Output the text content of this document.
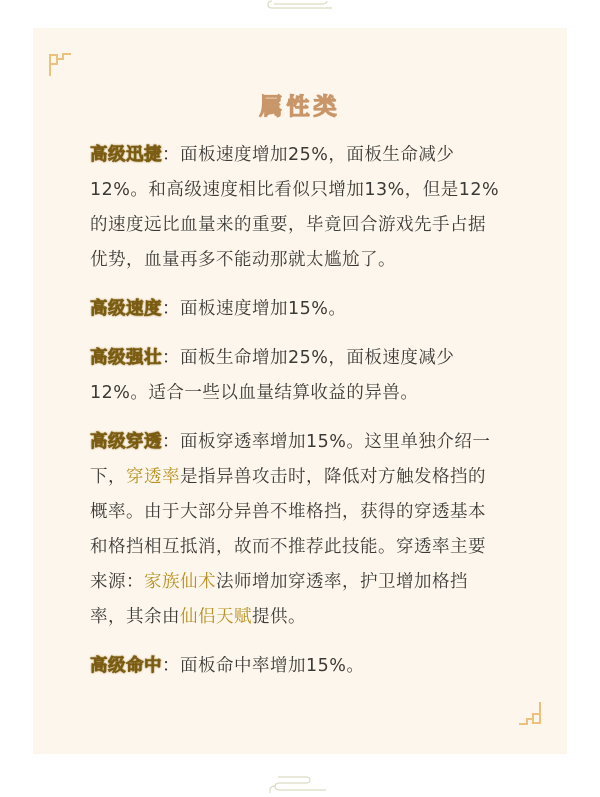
属性类

高级迅捷：面板速度增加25%，面板生命减少12%。和高级速度相比看似只增加13%，但是12%的速度远比血量来的重要，毕竟回合游戏先手占据优势，血量再多不能动那就太尴尬了。

高级速度：面板速度增加15%。

高级强壮：面板生命增加25%，面板速度减少12%。适合一些以血量结算收益的异兽。

高级穿透：面板穿透率增加15%。这里单独介绍一下，穿透率是指异兽攻击时，降低对方触发格挡的概率。由于大部分异兽不堆格挡，获得的穿透基本和格挡相互抵消，故而不推荐此技能。穿透率主要来源：家族仙术法师增加穿透率，护卫增加格挡率，其余由仙侣天赋提供。

高级命中：面板命中率增加15%。
